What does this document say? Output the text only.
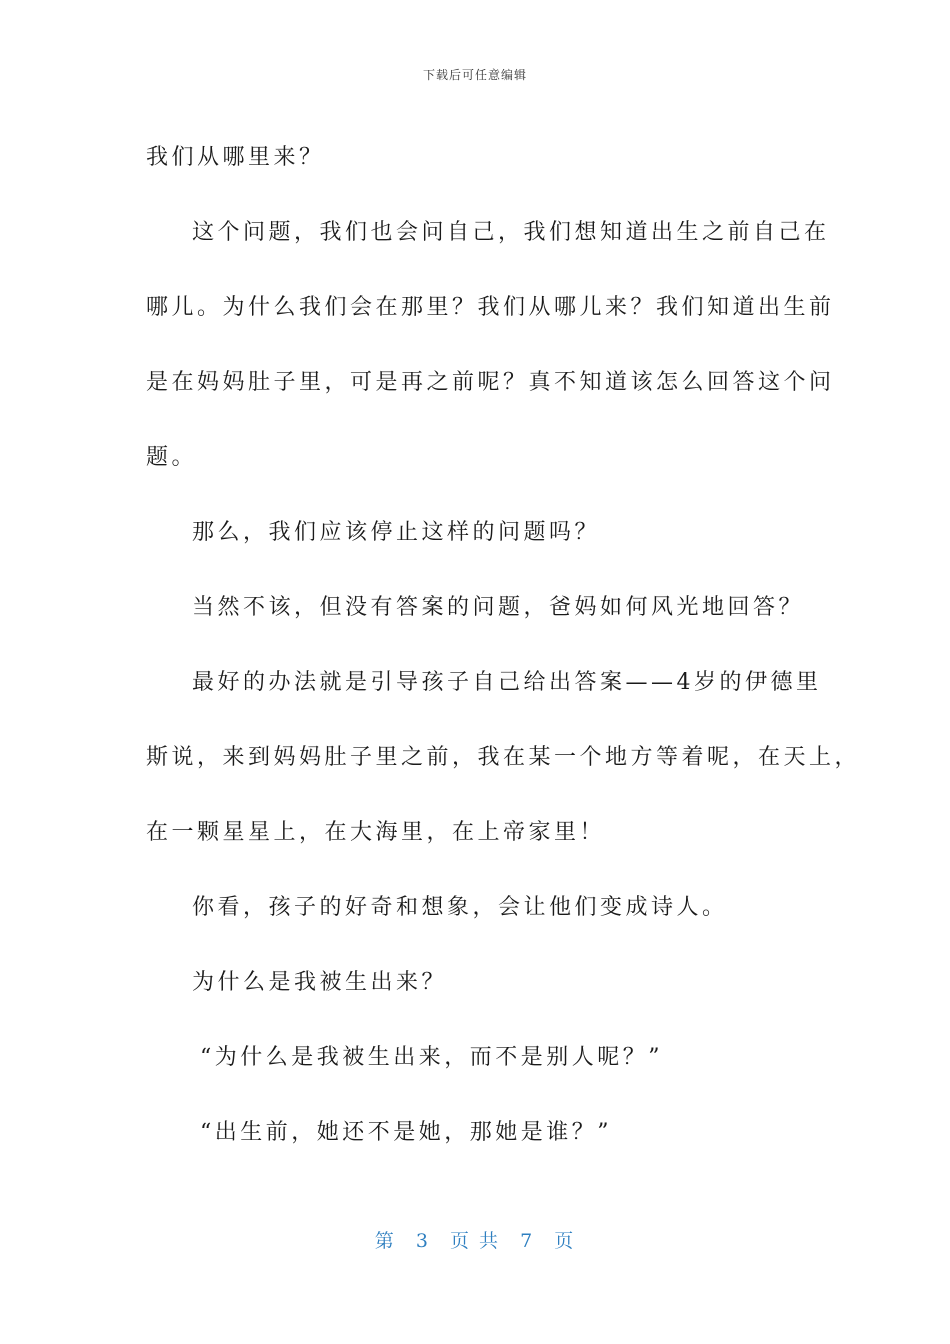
下载后可任意编辑
我们从哪里来？
这个问题，我们也会问自己，我们想知道出生之前自己在
哪儿。为什么我们会在那里？我们从哪儿来？我们知道出生前
是在妈妈肚子里，可是再之前呢？真不知道该怎么回答这个问
题。
那么，我们应该停止这样的问题吗？
当然不该，但没有答案的问题，爸妈如何风光地回答？
最好的办法就是引导孩子自己给出答案——4岁的伊德里
斯说，来到妈妈肚子里之前，我在某一个地方等着呢，在天上，
在一颗星星上，在大海里，在上帝家里！
你看，孩子的好奇和想象，会让他们变成诗人。
为什么是我被生出来？
“为什么是我被生出来，而不是别人呢？”
“出生前，她还不是她，那她是谁？”
第 3 页 共 7 页
